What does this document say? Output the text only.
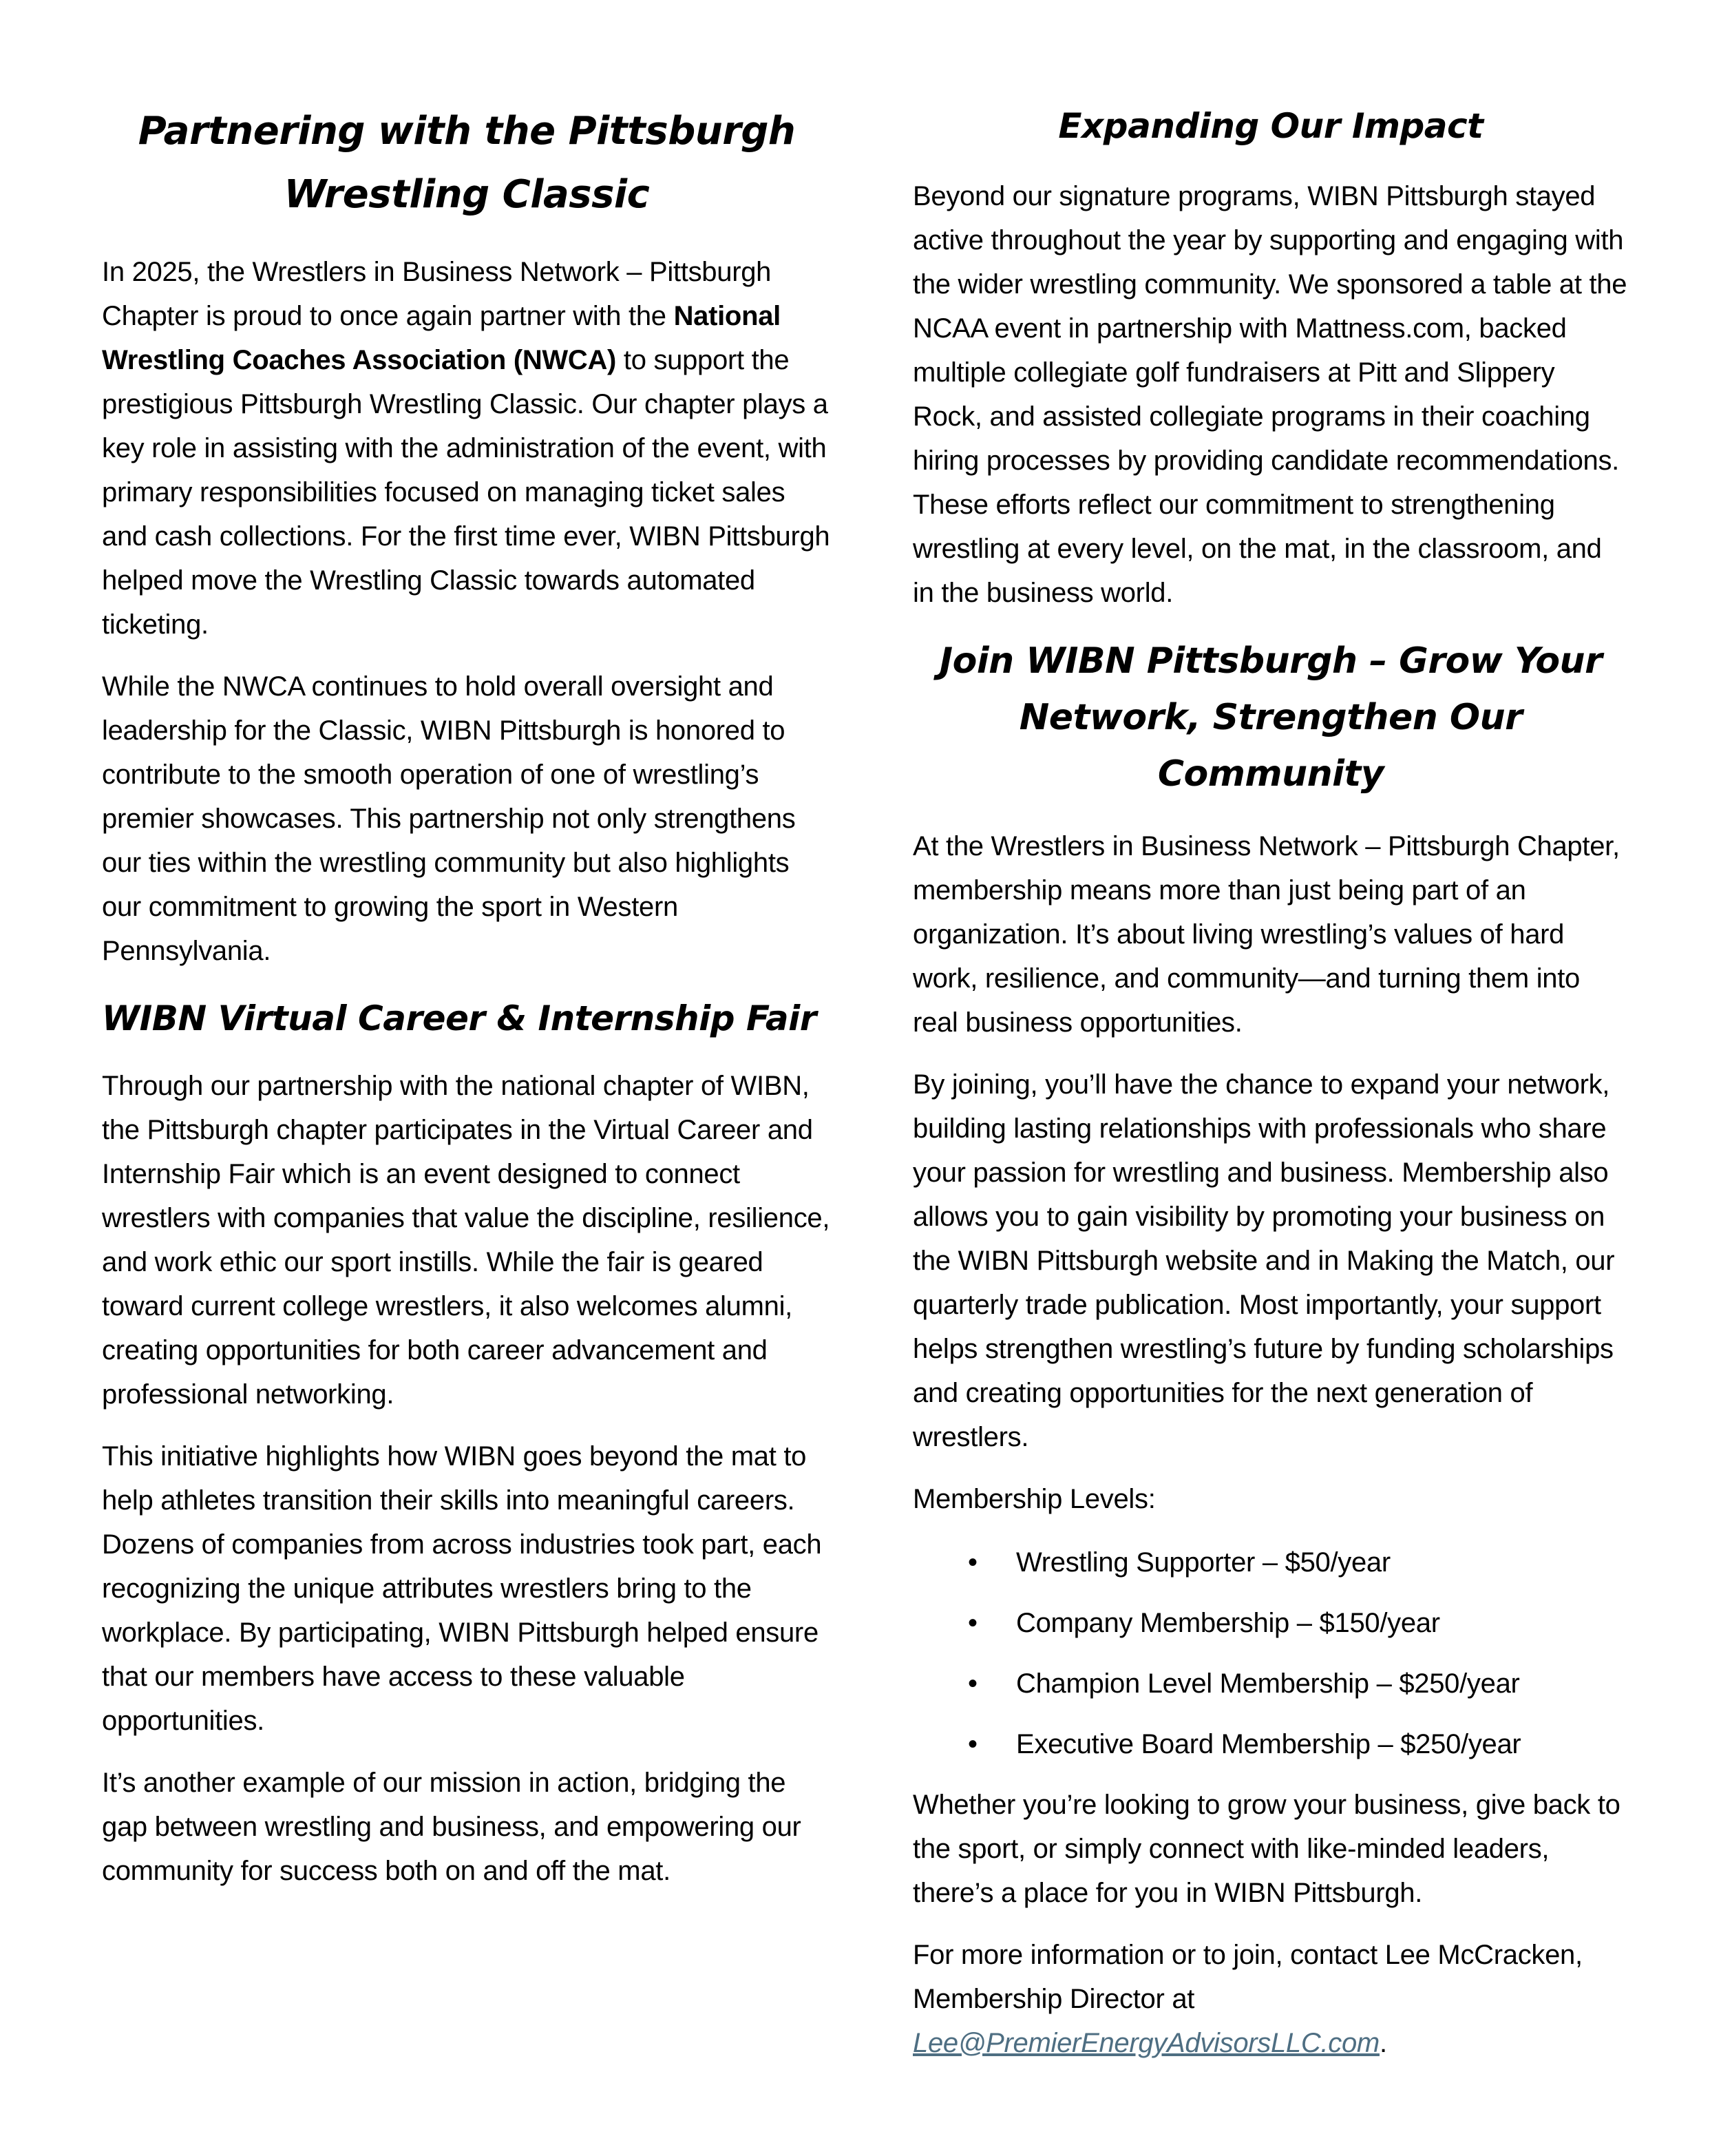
Partnering with the Pittsburgh Wrestling Classic

In 2025, the Wrestlers in Business Network – Pittsburgh Chapter is proud to once again partner with the National Wrestling Coaches Association (NWCA) to support the prestigious Pittsburgh Wrestling Classic. Our chapter plays a key role in assisting with the administration of the event, with primary responsibilities focused on managing ticket sales and cash collections. For the first time ever, WIBN Pittsburgh helped move the Wrestling Classic towards automated ticketing.

While the NWCA continues to hold overall oversight and leadership for the Classic, WIBN Pittsburgh is honored to contribute to the smooth operation of one of wrestling’s premier showcases. This partnership not only strengthens our ties within the wrestling community but also highlights our commitment to growing the sport in Western Pennsylvania.

WIBN Virtual Career & Internship Fair

Through our partnership with the national chapter of WIBN, the Pittsburgh chapter participates in the Virtual Career and Internship Fair which is an event designed to connect wrestlers with companies that value the discipline, resilience, and work ethic our sport instills. While the fair is geared toward current college wrestlers, it also welcomes alumni, creating opportunities for both career advancement and professional networking.

This initiative highlights how WIBN goes beyond the mat to help athletes transition their skills into meaningful careers. Dozens of companies from across industries took part, each recognizing the unique attributes wrestlers bring to the workplace. By participating, WIBN Pittsburgh helped ensure that our members have access to these valuable opportunities.

It’s another example of our mission in action, bridging the gap between wrestling and business, and empowering our community for success both on and off the mat.

Expanding Our Impact

Beyond our signature programs, WIBN Pittsburgh stayed active throughout the year by supporting and engaging with the wider wrestling community. We sponsored a table at the NCAA event in partnership with Mattness.com, backed multiple collegiate golf fundraisers at Pitt and Slippery Rock, and assisted collegiate programs in their coaching hiring processes by providing candidate recommendations. These efforts reflect our commitment to strengthening wrestling at every level, on the mat, in the classroom, and in the business world.

Join WIBN Pittsburgh – Grow Your Network, Strengthen Our Community

At the Wrestlers in Business Network – Pittsburgh Chapter, membership means more than just being part of an organization. It’s about living wrestling’s values of hard work, resilience, and community—and turning them into real business opportunities.

By joining, you’ll have the chance to expand your network, building lasting relationships with professionals who share your passion for wrestling and business. Membership also allows you to gain visibility by promoting your business on the WIBN Pittsburgh website and in Making the Match, our quarterly trade publication. Most importantly, your support helps strengthen wrestling’s future by funding scholarships and creating opportunities for the next generation of wrestlers.

Membership Levels:

• Wrestling Supporter – $50/year
• Company Membership – $150/year
• Champion Level Membership – $250/year
• Executive Board Membership – $250/year

Whether you’re looking to grow your business, give back to the sport, or simply connect with like-minded leaders, there’s a place for you in WIBN Pittsburgh.

For more information or to join, contact Lee McCracken, Membership Director at Lee@PremierEnergyAdvisorsLLC.com.
